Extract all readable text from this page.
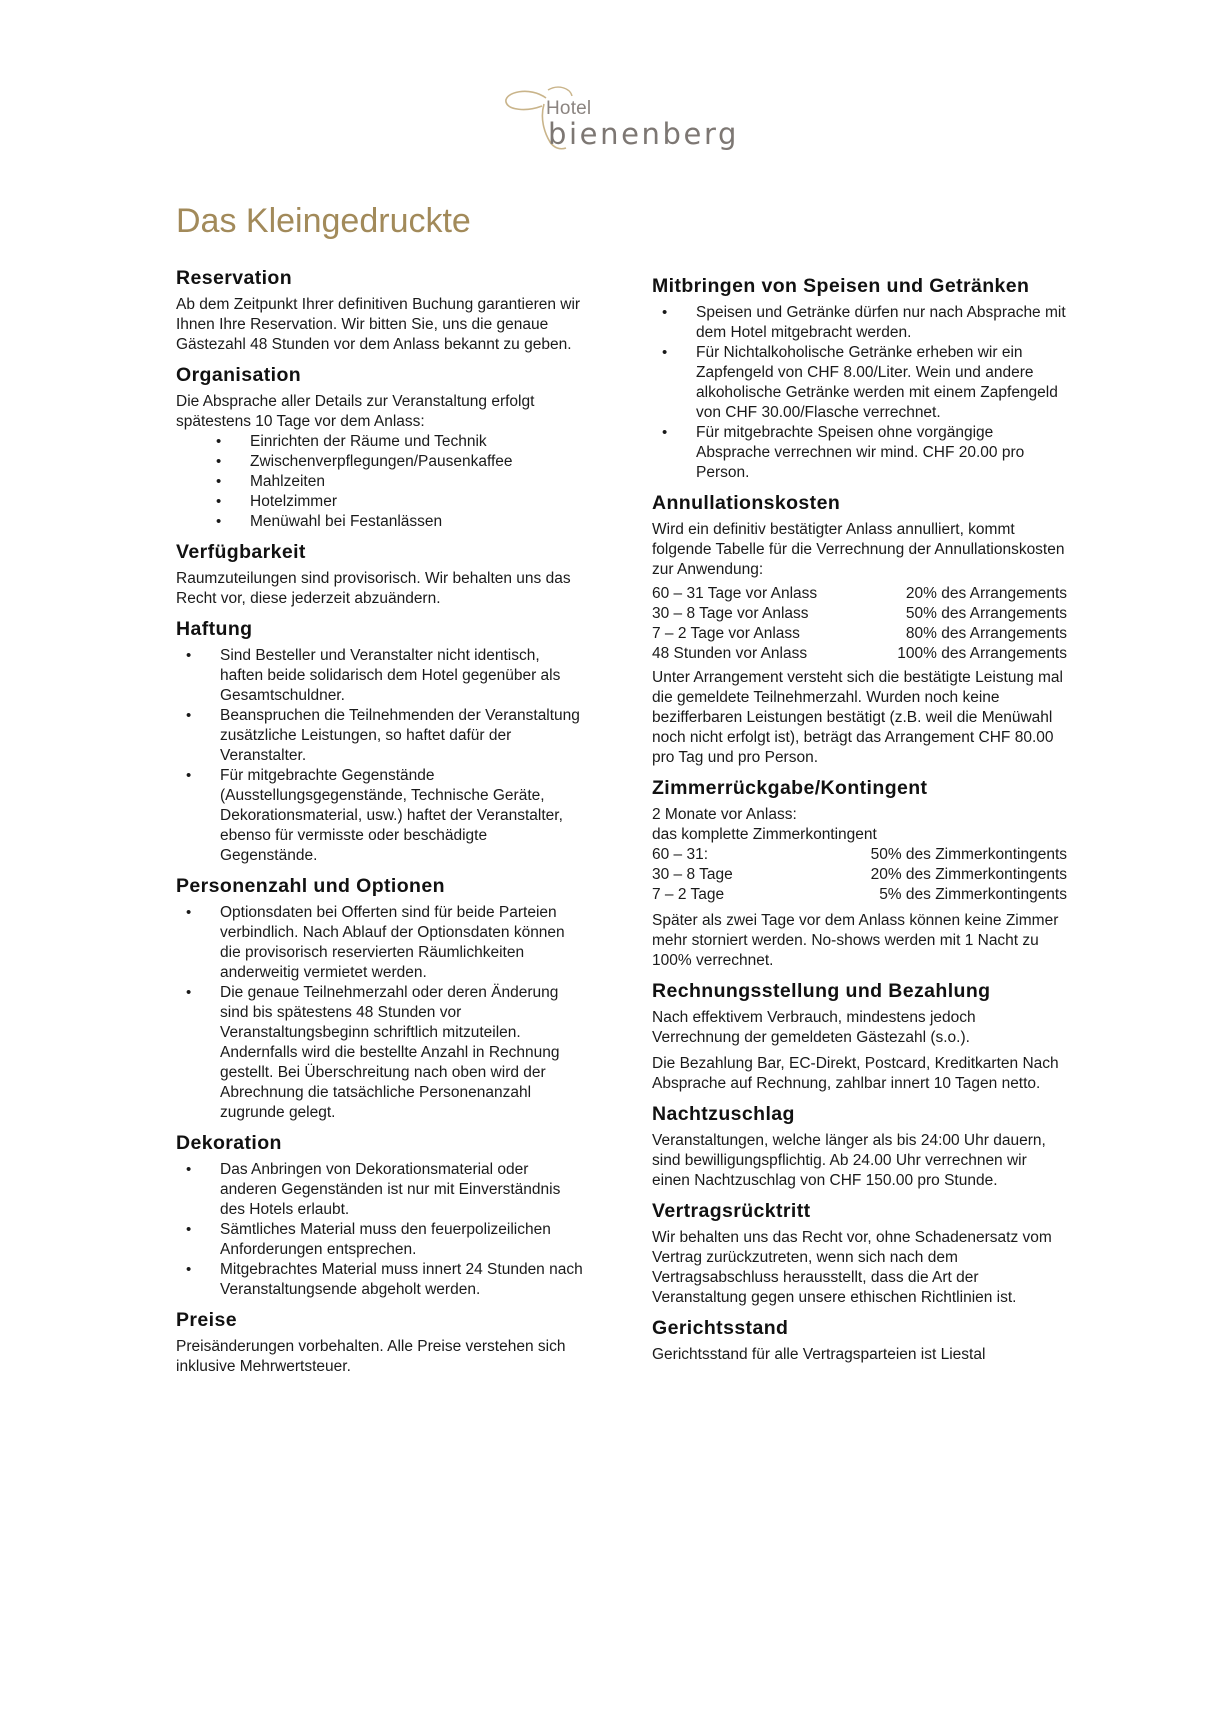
Hotel
bienenberg
Das Kleingedruckte
Reservation

Ab dem Zeitpunkt Ihrer definitiven Buchung garantieren wir Ihnen Ihre Reservation. Wir bitten Sie, uns die genaue Gästezahl 48 Stunden vor dem Anlass bekannt zu geben.

Organisation

Die Absprache aller Details zur Veranstaltung erfolgt spätestens 10 Tage vor dem Anlass:

• Einrichten der Räume und Technik
• Zwischenverpflegungen/Pausenkaffee
• Mahlzeiten
• Hotelzimmer
• Menüwahl bei Festanlässen
Verfügbarkeit

Raumzuteilungen sind provisorisch. Wir behalten uns das Recht vor, diese jederzeit abzuändern.

Haftung
• Sind Besteller und Veranstalter nicht identisch, haften beide solidarisch dem Hotel gegenüber als Gesamtschuldner.
• Beanspruchen die Teilnehmenden der Veranstaltung zusätzliche Leistungen, so haftet dafür der Veranstalter.
• Für mitgebrachte Gegenstände (Ausstellungsgegenstände, Technische Geräte, Dekorationsmaterial, usw.) haftet der Veranstalter, ebenso für vermisste oder beschädigte Gegenstände.
Personenzahl und Optionen
• Optionsdaten bei Offerten sind für beide Parteien verbindlich. Nach Ablauf der Optionsdaten können die provisorisch reservierten Räumlichkeiten anderweitig vermietet werden.
• Die genaue Teilnehmerzahl oder deren Änderung sind bis spätestens 48 Stunden vor Veranstaltungsbeginn schriftlich mitzuteilen. Andernfalls wird die bestellte Anzahl in Rechnung gestellt. Bei Überschreitung nach oben wird der Abrechnung die tatsächliche Personenanzahl zugrunde gelegt.
Dekoration
• Das Anbringen von Dekorationsmaterial oder anderen Gegenständen ist nur mit Einverständnis des Hotels erlaubt.
• Sämtliches Material muss den feuerpolizeilichen Anforderungen entsprechen.
• Mitgebrachtes Material muss innert 24 Stunden nach Veranstaltungsende abgeholt werden.
Preise

Preisänderungen vorbehalten. Alle Preise verstehen sich inklusive Mehrwertsteuer.

Mitbringen von Speisen und Getränken
• Speisen und Getränke dürfen nur nach Absprache mit dem Hotel mitgebracht werden.
• Für Nichtalkoholische Getränke erheben wir ein Zapfengeld von CHF 8.00/Liter. Wein und andere alkoholische Getränke werden mit einem Zapfengeld von CHF 30.00/Flasche verrechnet.
• Für mitgebrachte Speisen ohne vorgängige Absprache verrechnen wir mind. CHF 20.00 pro Person.
Annullationskosten

Wird ein definitiv bestätigter Anlass annulliert, kommt folgende Tabelle für die Verrechnung der Annullationskosten zur Anwendung:

60 – 31 Tage vor Anlass	20% des Arrangements
30 – 8 Tage vor Anlass	50% des Arrangements
7 – 2 Tage vor Anlass	80% des Arrangements
48 Stunden vor Anlass	100% des Arrangements

Unter Arrangement versteht sich die bestätigte Leistung mal die gemeldete Teilnehmerzahl. Wurden noch keine bezifferbaren Leistungen bestätigt (z.B. weil die Menüwahl noch nicht erfolgt ist), beträgt das Arrangement CHF 80.00 pro Tag und pro Person.

Zimmerrückgabe/Kontingent

2 Monate vor Anlass:

das komplette Zimmerkontingent

60 – 31:	50% des Zimmerkontingents
30 – 8 Tage	20% des Zimmerkontingents
7 – 2 Tage	5% des Zimmerkontingents

Später als zwei Tage vor dem Anlass können keine Zimmer mehr storniert werden. No-shows werden mit 1 Nacht zu 100% verrechnet.

Rechnungsstellung und Bezahlung

Nach effektivem Verbrauch, mindestens jedoch Verrechnung der gemeldeten Gästezahl (s.o.).

Die Bezahlung Bar, EC-Direkt, Postcard, Kreditkarten Nach Absprache auf Rechnung, zahlbar innert 10 Tagen netto.

Nachtzuschlag

Veranstaltungen, welche länger als bis 24:00 Uhr dauern, sind bewilligungspflichtig. Ab 24.00 Uhr verrechnen wir einen Nachtzuschlag von CHF 150.00 pro Stunde.

Vertragsrücktritt

Wir behalten uns das Recht vor, ohne Schadenersatz vom Vertrag zurückzutreten, wenn sich nach dem Vertragsabschluss herausstellt, dass die Art der Veranstaltung gegen unsere ethischen Richtlinien ist.

Gerichtsstand

Gerichtsstand für alle Vertragsparteien ist Liestal
